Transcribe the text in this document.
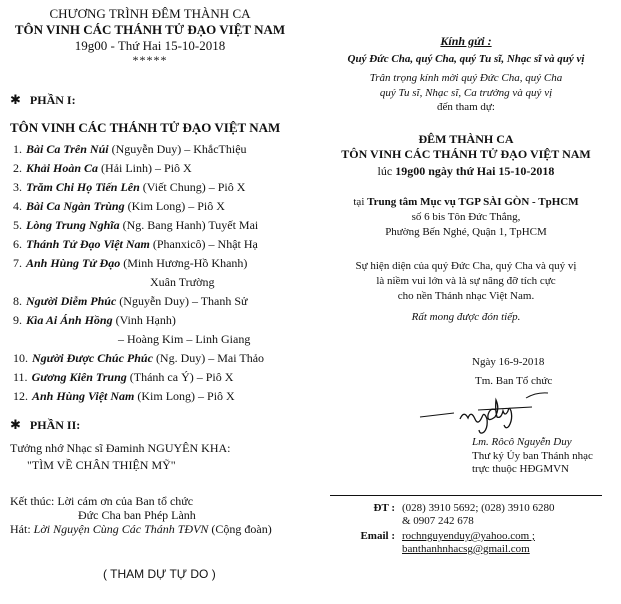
CHƯƠNG TRÌNH ĐÊM THÀNH CA
TÔN VINH CÁC THÁNH TỬ ĐẠO VIỆT NAM
19g00 - Thứ Hai 15-10-2018
*****
✱ PHẦN I:
TÔN VINH CÁC THÁNH TỬ ĐẠO VIỆT NAM
1. Bài Ca Trên Núi (Nguyễn Duy) – KhắcThiệu
2. Khải Hoàn Ca (Hải Linh) – Piô X
3. Trăm Chi Họ Tiến Lên (Viết Chung) – Piô X
4. Bài Ca Ngàn Trùng (Kim Long) – Piô X
5. Lòng Trung Nghĩa (Ng. Bang Hanh) Tuyết Mai
6. Thánh Tử Đạo Việt Nam (Phanxicô) – Nhật Hạ
7. Anh Hùng Tử Đạo (Minh Hương-Hồ Khanh)
Xuân Trường
8. Người Diễm Phúc (Nguyễn Duy) – Thanh Sử
9. Kìa Ai Ánh Hồng (Vinh Hạnh)
– Hoàng Kim – Linh Giang
10. Người Được Chúc Phúc (Ng. Duy) – Mai Thảo
11. Gương Kiên Trung (Thánh ca Ý) – Piô X
12. Anh Hùng Việt Nam (Kim Long) – Piô X
✱ PHẦN II:
Tưởng nhớ Nhạc sĩ Đaminh NGUYÊN KHA:
"TÌM VỀ CHÂN THIỆN MỸ"
Kết thúc: Lời cám ơn của Ban tổ chức
Đức Cha ban Phép Lành
Hát: Lời Nguyện Cùng Các Thánh TĐVN (Cộng đoàn)
( THAM DỰ TỰ DO )
Kính gửi :
Quý Đức Cha, quý Cha, quý Tu sĩ, Nhạc sĩ và quý vị
Trân trọng kính mời quý Đức Cha, quý Cha
quý Tu sĩ, Nhạc sĩ, Ca trưởng và quý vị
đến tham dự:
ĐÊM THÀNH CA
TÔN VINH CÁC THÁNH TỬ ĐẠO VIỆT NAM
lúc 19g00 ngày thứ Hai 15-10-2018
tại Trung tâm Mục vụ TGP SÀI GÒN - TpHCM
số 6 bis Tôn Đức Thắng,
Phường Bến Nghé, Quận 1, TpHCM
Sự hiện diện của quý Đức Cha, quý Cha và quý vị
là niềm vui lớn và là sự nâng đỡ tích cực
cho nền Thánh nhạc Việt Nam.
Rất mong được đón tiếp.
Ngày 16-9-2018
Tm. Ban Tổ chức
Lm. Rôcô Nguyễn Duy
Thư ký Ủy ban Thánh nhạc
trực thuộc HĐGMVN
ĐT : (028) 3910 5692; (028) 3910 6280
& 0907 242 678
Email : rochnguyenduy@yahoo.com ;
banthanhnhacsg@gmail.com
